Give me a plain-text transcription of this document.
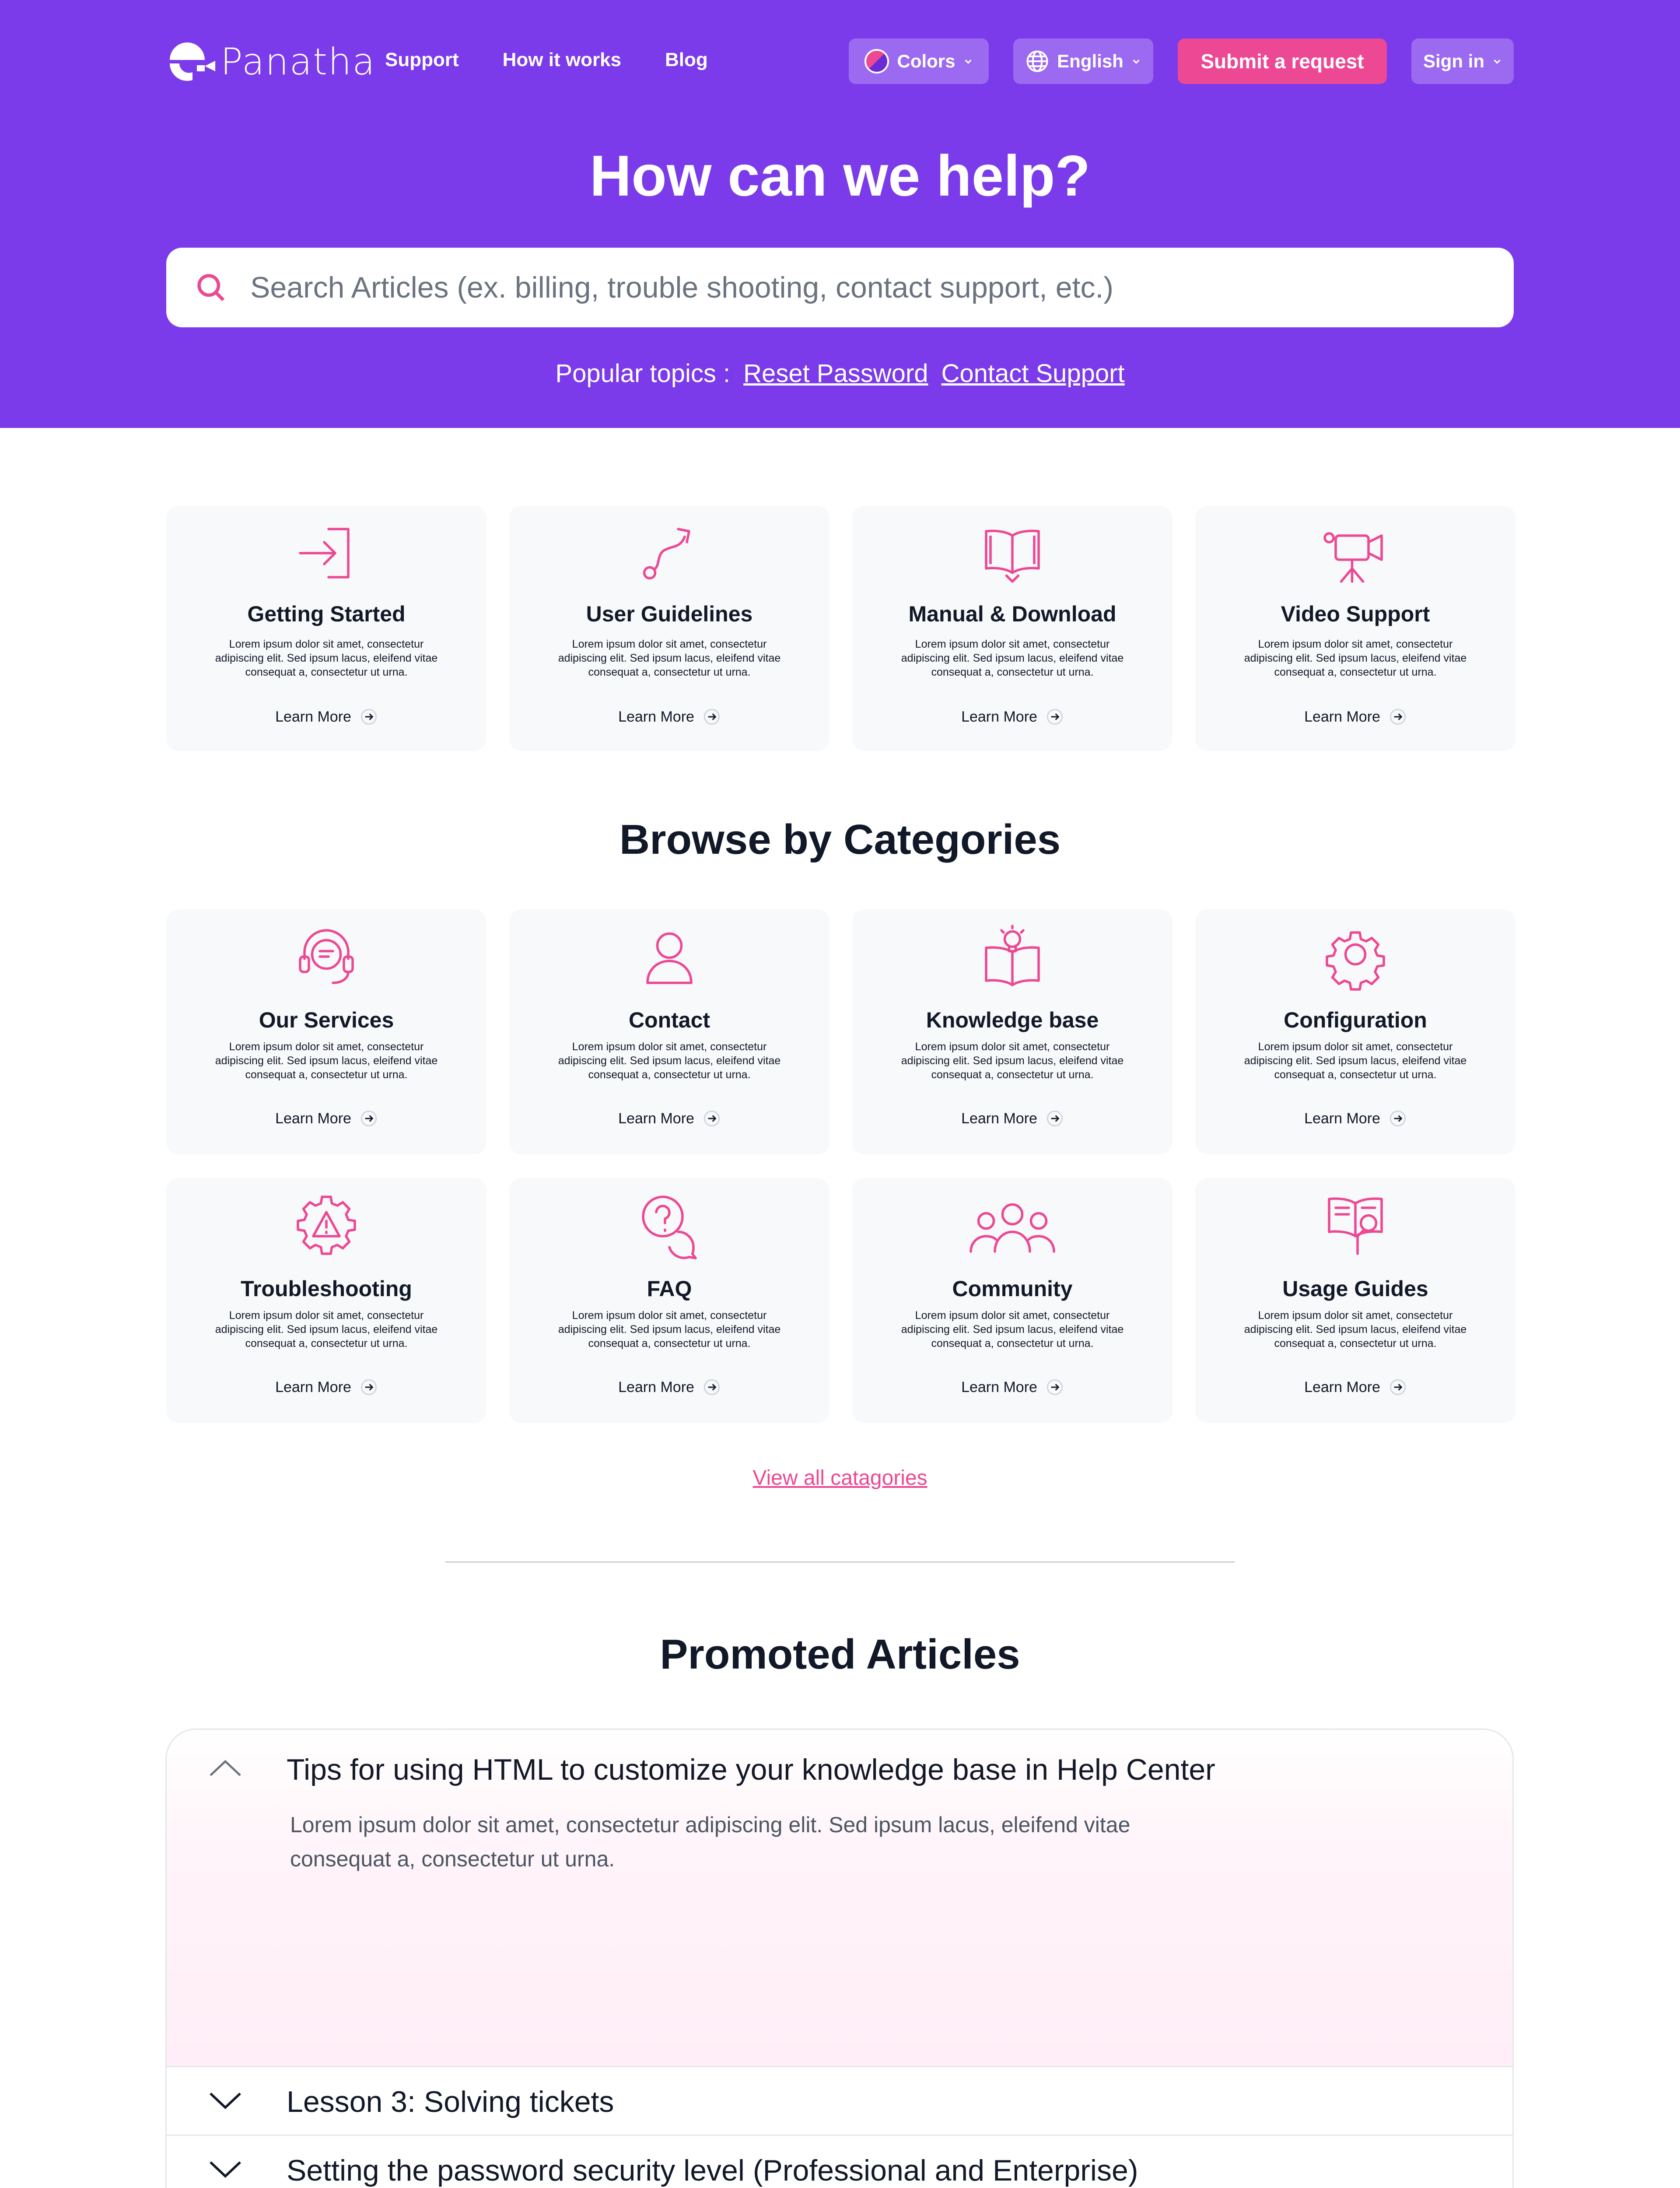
Panatha Support How it works Blog	Colors	English	Submit a request	Sign in
How can we help?
Search Articles (ex. billing, trouble shooting, contact support, etc.)
Popular topics : Reset Password Contact Support
Getting Started
Lorem ipsum dolor sit amet, consectetur adipiscing elit. Sed ipsum lacus, eleifend vitae consequat a, consectetur ut urna.
Learn More
User Guidelines
Lorem ipsum dolor sit amet, consectetur adipiscing elit. Sed ipsum lacus, eleifend vitae consequat a, consectetur ut urna.
Learn More
Manual & Download
Lorem ipsum dolor sit amet, consectetur adipiscing elit. Sed ipsum lacus, eleifend vitae consequat a, consectetur ut urna.
Learn More
Video Support
Lorem ipsum dolor sit amet, consectetur adipiscing elit. Sed ipsum lacus, eleifend vitae consequat a, consectetur ut urna.
Learn More
Browse by Categories
Our Services
Lorem ipsum dolor sit amet, consectetur adipiscing elit. Sed ipsum lacus, eleifend vitae consequat a, consectetur ut urna.
Learn More
Contact
Lorem ipsum dolor sit amet, consectetur adipiscing elit. Sed ipsum lacus, eleifend vitae consequat a, consectetur ut urna.
Learn More
Knowledge base
Lorem ipsum dolor sit amet, consectetur adipiscing elit. Sed ipsum lacus, eleifend vitae consequat a, consectetur ut urna.
Learn More
Configuration
Lorem ipsum dolor sit amet, consectetur adipiscing elit. Sed ipsum lacus, eleifend vitae consequat a, consectetur ut urna.
Learn More
Troubleshooting
Lorem ipsum dolor sit amet, consectetur adipiscing elit. Sed ipsum lacus, eleifend vitae consequat a, consectetur ut urna.
Learn More
FAQ
Lorem ipsum dolor sit amet, consectetur adipiscing elit. Sed ipsum lacus, eleifend vitae consequat a, consectetur ut urna.
Learn More
Community
Lorem ipsum dolor sit amet, consectetur adipiscing elit. Sed ipsum lacus, eleifend vitae consequat a, consectetur ut urna.
Learn More
Usage Guides
Lorem ipsum dolor sit amet, consectetur adipiscing elit. Sed ipsum lacus, eleifend vitae consequat a, consectetur ut urna.
Learn More
View all catagories
Promoted Articles
Tips for using HTML to customize your knowledge base in Help Center
Lorem ipsum dolor sit amet, consectetur adipiscing elit. Sed ipsum lacus, eleifend vitae consequat a, consectetur ut urna.
Lesson 3: Solving tickets
Setting the password security level (Professional and Enterprise)
